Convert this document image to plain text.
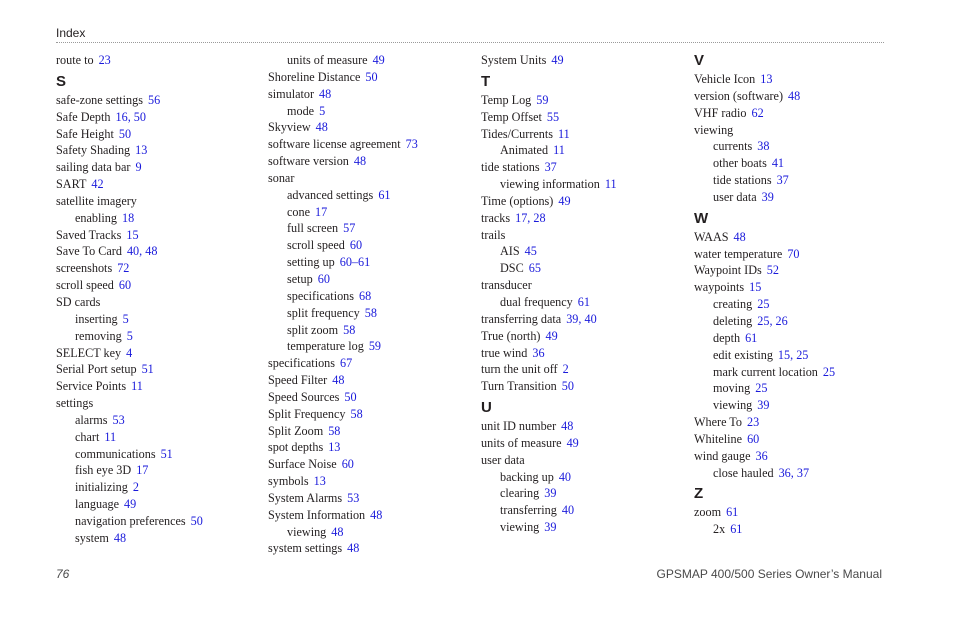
Index
route to 23
S
safe-zone settings 56
Safe Depth 16, 50
Safe Height 50
Safety Shading 13
sailing data bar 9
SART 42
satellite imagery
enabling 18
Saved Tracks 15
Save To Card 40, 48
screenshots 72
scroll speed 60
SD cards
inserting 5
removing 5
SELECT key 4
Serial Port setup 51
Service Points 11
settings
alarms 53
chart 11
communications 51
fish eye 3D 17
initializing 2
language 49
navigation preferences 50
system 48
units of measure 49
Shoreline Distance 50
simulator 48
mode 5
Skyview 48
software license agreement 73
software version 48
sonar
advanced settings 61
cone 17
full screen 57
scroll speed 60
setting up 60–61
setup 60
specifications 68
split frequency 58
split zoom 58
temperature log 59
specifications 67
Speed Filter 48
Speed Sources 50
Split Frequency 58
Split Zoom 58
spot depths 13
Surface Noise 60
symbols 13
System Alarms 53
System Information 48
viewing 48
system settings 48
System Units 49
T
Temp Log 59
Temp Offset 55
Tides/Currents 11
Animated 11
tide stations 37
viewing information 11
Time (options) 49
tracks 17, 28
trails
AIS 45
DSC 65
transducer
dual frequency 61
transferring data 39, 40
True (north) 49
true wind 36
turn the unit off 2
Turn Transition 50
U
unit ID number 48
units of measure 49
user data
backing up 40
clearing 39
transferring 40
viewing 39
V
Vehicle Icon 13
version (software) 48
VHF radio 62
viewing
currents 38
other boats 41
tide stations 37
user data 39
W
WAAS 48
water temperature 70
Waypoint IDs 52
waypoints 15
creating 25
deleting 25, 26
depth 61
edit existing 15, 25
mark current location 25
moving 25
viewing 39
Where To 23
Whiteline 60
wind gauge 36
close hauled 36, 37
Z
zoom 61
2x 61
76	GPSMAP 400/500 Series Owner’s Manual
